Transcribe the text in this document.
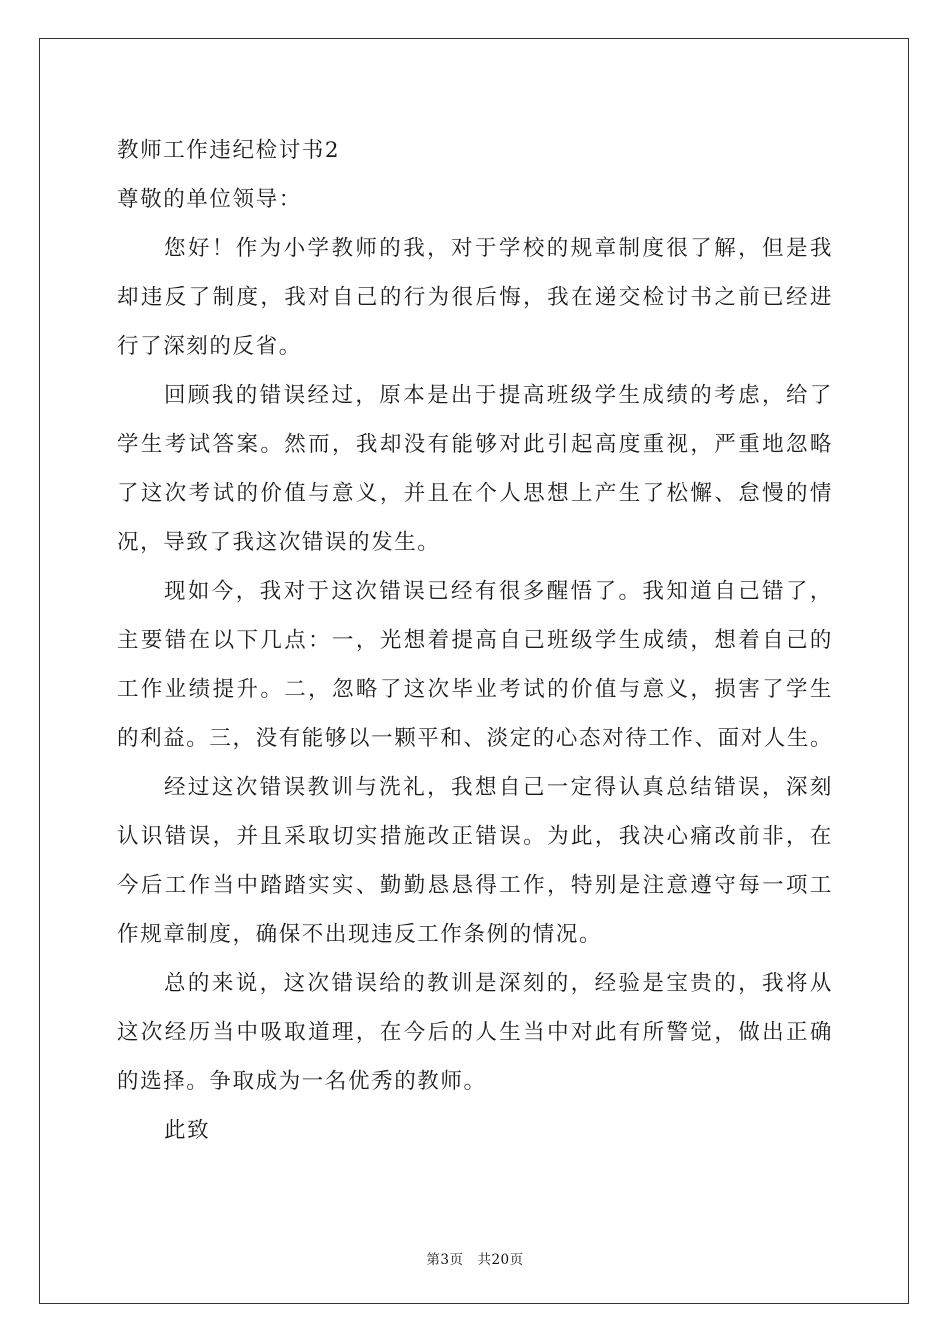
教师工作违纪检讨书2

尊敬的单位领导：

您好！作为小学教师的我，对于学校的规章制度很了解，但是我

却违反了制度，我对自己的行为很后悔，我在递交检讨书之前已经进

行了深刻的反省。

回顾我的错误经过，原本是出于提高班级学生成绩的考虑，给了

学生考试答案。然而，我却没有能够对此引起高度重视，严重地忽略

了这次考试的价值与意义，并且在个人思想上产生了松懈、怠慢的情

况，导致了我这次错误的发生。

现如今，我对于这次错误已经有很多醒悟了。我知道自己错了，

主要错在以下几点：一，光想着提高自己班级学生成绩，想着自己的

工作业绩提升。二，忽略了这次毕业考试的价值与意义，损害了学生

的利益。三，没有能够以一颗平和、淡定的心态对待工作、面对人生。

经过这次错误教训与洗礼，我想自己一定得认真总结错误，深刻

认识错误，并且采取切实措施改正错误。为此，我决心痛改前非，在

今后工作当中踏踏实实、勤勤恳恳得工作，特别是注意遵守每一项工

作规章制度，确保不出现违反工作条例的情况。

总的来说，这次错误给的教训是深刻的，经验是宝贵的，我将从

这次经历当中吸取道理，在今后的人生当中对此有所警觉，做出正确

的选择。争取成为一名优秀的教师。

此致

第3页 共20页
